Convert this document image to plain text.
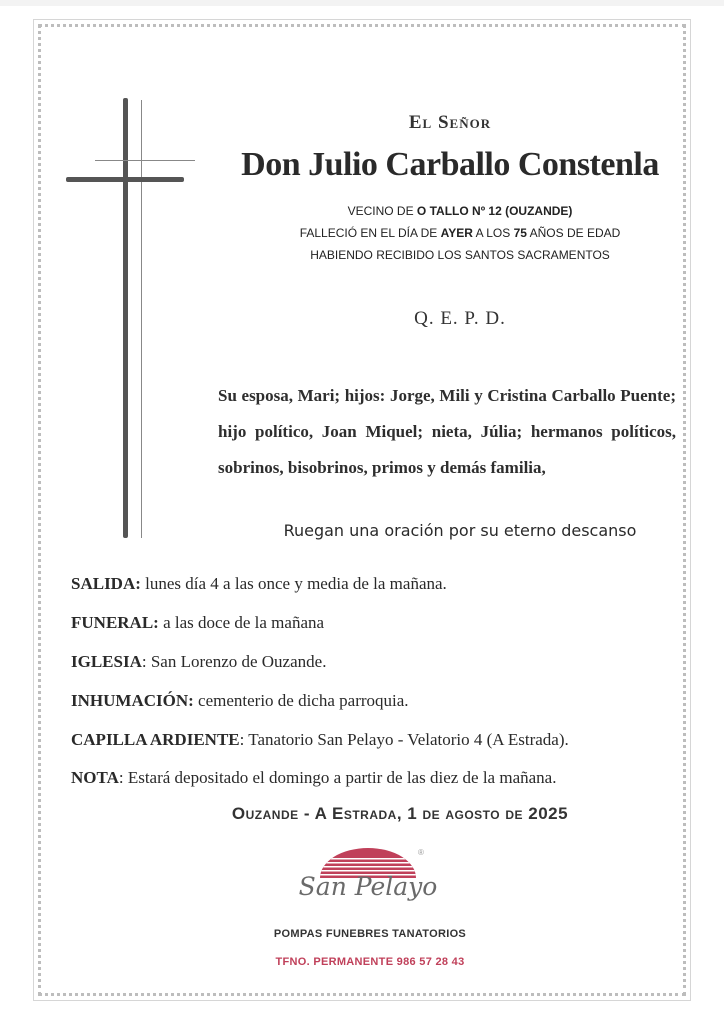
El Señor
Don Julio Carballo Constenla
VECINO DE O TALLO Nº 12 (OUZANDE)
FALLECIÓ EN EL DÍA DE AYER A LOS 75 AÑOS DE EDAD
HABIENDO RECIBIDO LOS SANTOS SACRAMENTOS
Q. E. P. D.
Su esposa, Mari; hijos: Jorge, Mili y Cristina Carballo Puente; hijo político, Joan Miquel; nieta, Júlia; hermanos políticos, sobrinos, bisobrinos, primos y demás familia,
Ruegan una oración por su eterno descanso
SALIDA: lunes día 4 a las once y media de la mañana.
FUNERAL: a las doce de la mañana
IGLESIA: San Lorenzo de Ouzande.
INHUMACIÓN: cementerio de dicha parroquia.
CAPILLA ARDIENTE: Tanatorio San Pelayo - Velatorio 4 (A Estrada).
NOTA: Estará depositado el domingo a partir de las diez de la mañana.
Ouzande - A Estrada, 1 de agosto de 2025
®
San Pelayo
POMPAS FUNEBRES TANATORIOS
TFNO. PERMANENTE 986 57 28 43
